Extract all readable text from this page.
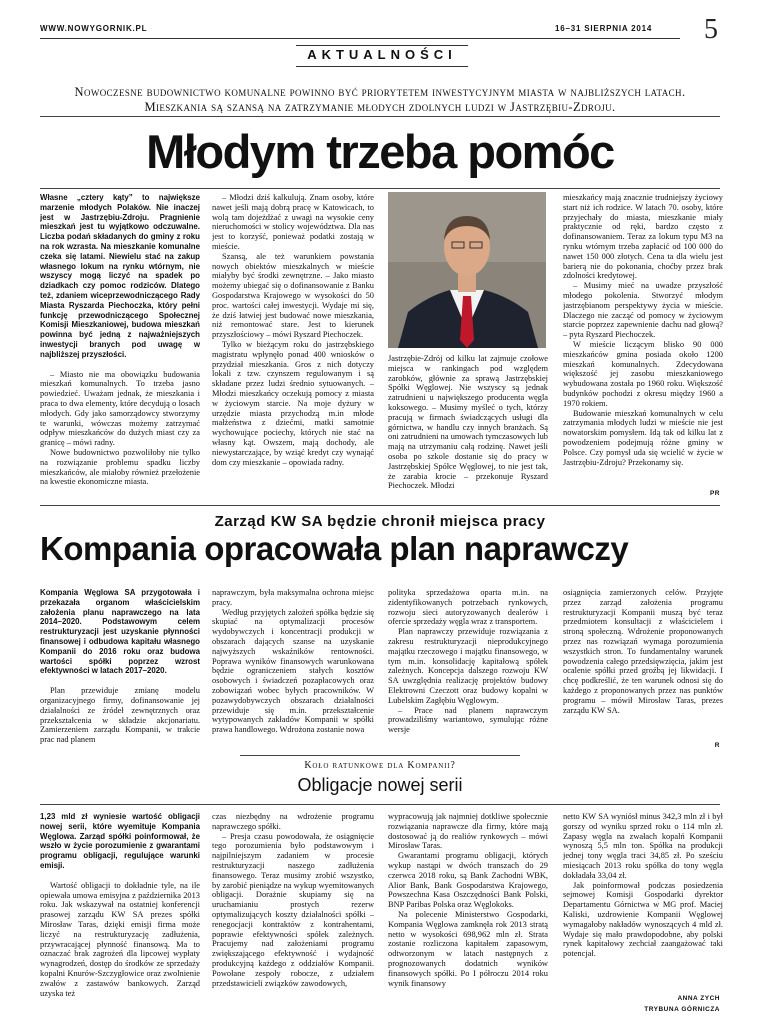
WWW.NOWYGORNIK.PL	16–31 SIERPNIA 2014 5
AKTUALNOŚCI
Nowoczesne budownictwo komunalne powinno być priorytetem inwestycyjnym miasta w najbliższych latach.
Mieszkania są szansą na zatrzymanie młodych zdolnych ludzi w Jastrzębiu-Zdroju.
Młodym trzeba pomóc

Własne „cztery kąty” to największe marzenie młodych Polaków. Nie inaczej jest w Jastrzębiu-Zdroju. Pragnienie mieszkań jest tu wyjątkowo odczuwalne. Liczba podań składanych do gminy z roku na rok wzrasta. Na mieszkanie komunalne czeka się latami. Niewielu stać na zakup własnego lokum na rynku wtórnym, nie wszyscy mogą liczyć na spadek po dziadkach czy pomoc rodziców. Dlatego też, zdaniem wiceprzewodniczącego Rady Miasta Ryszarda Piechoczka, który pełni funkcję przewodniczącego Społecznej Komisji Mieszkaniowej, budowa mieszkań powinna być jedną z najważniejszych inwestycji branych pod uwagę w najbliższej przyszłości.

– Miasto nie ma obowiązku budowania mieszkań komunalnych. To trzeba jasno powiedzieć. Uważam jednak, że mieszkania i praca to dwa elementy, które decydują o losach młodych. Gdy jako samorządowcy stworzymy te warunki, wówczas możemy zatrzymać odpływ mieszkańców do dużych miast czy za granicę – mówi radny.

Nowe budownictwo pozwoliłoby nie tylko na rozwiązanie problemu spadku liczby mieszkańców, ale miałoby również przełożenie na kwestie ekonomiczne miasta.

– Młodzi dziś kalkulują. Znam osoby, które nawet jeśli mają dobrą pracę w Katowicach, to wolą tam dojeżdżać z uwagi na wysokie ceny nieruchomości w stolicy województwa. Dla nas jest to korzyść, ponieważ podatki zostają w mieście.

Szansą, ale też warunkiem powstania nowych obiektów mieszkalnych w mieście miałyby być środki zewnętrzne. – Jako miasto możemy ubiegać się o dofinansowanie z Banku Gospodarstwa Krajowego w wysokości do 50 proc. wartości całej inwestycji. Wydaje mi się, że dziś łatwiej jest budować nowe mieszkania, niż remontować stare. Jest to kierunek przyszłościowy – mówi Ryszard Piechoczek.

Tylko w bieżącym roku do jastrzębskiego magistratu wpłynęło ponad 400 wniosków o przydział mieszkania. Gros z nich dotyczy lokali z tzw. czynszem regulowanym i są składane przez ludzi średnio sytuowanych. – Młodzi mieszkańcy oczekują pomocy z miasta w życiowym starcie. Na moje dyżury w urzędzie miasta przychodzą m.in młode małżeństwa z dziećmi, matki samotnie wychowujące pociechy, których nie stać na własny kąt. Owszem, mają dochody, ale niewystarczające, by wziąć kredyt czy wynająć dom czy mieszkanie – opowiada radny.

Jastrzębie-Zdrój od kilku lat zajmuje czołowe miejsca w rankingach pod względem zarobków, głównie za sprawą Jastrzębskiej Spółki Węglowej. Nie wszyscy są jednak zatrudnieni u największego producenta węgla koksowego. – Musimy myśleć o tych, którzy pracują w firmach świadczących usługi dla górnictwa, w handlu czy innych branżach. Są oni zatrudnieni na umowach tymczasowych lub mają na utrzymaniu całą rodzinę. Nawet jeśli osoba po szkole dostanie się do pracy w Jastrzębskiej Spółce Węglowej, to nie jest tak, że zarabia krocie – przekonuje Ryszard Piechoczek. Młodzi

mieszkańcy mają znacznie trudniejszy życiowy start niż ich rodzice. W latach 70. osoby, które przyjechały do miasta, mieszkanie miały praktycznie od ręki, bardzo często z dofinansowaniem. Teraz za lokum typu M3 na rynku wtórnym trzeba zapłacić od 100 000 do nawet 150 000 złotych. Cena ta dla wielu jest barierą nie do pokonania, choćby przez brak zdolności kredytowej.

– Musimy mieć na uwadze przyszłość młodego pokolenia. Stworzyć młodym jastrzębianom perspektywy życia w mieście. Dlaczego nie zacząć od pomocy w życiowym starcie poprzez zapewnienie dachu nad głową? – pyta Ryszard Piechoczek.

W mieście liczącym blisko 90 000 mieszkańców gmina posiada około 1200 mieszkań komunalnych. Zdecydowana większość jej zasobu mieszkaniowego wybudowana została po 1960 roku. Większość budynków pochodzi z okresu między 1960 a 1970 rokiem.

Budowanie mieszkań komunalnych w celu zatrzymania młodych ludzi w mieście nie jest nowatorskim pomysłem. Idą tak od kilku lat z powodzeniem podejmują różne gminy w Polsce. Czy pomysł uda się wcielić w życie w Jastrzębiu-Zdroju? Przekonamy się.

PR
Zarząd KW SA będzie chronił miejsca pracy
Kompania opracowała plan naprawczy

Kompania Węglowa SA przygotowała i przekazała organom właścicielskim założenia planu naprawczego na lata 2014–2020. Podstawowym celem restrukturyzacji jest uzyskanie płynności finansowej i odbudowa kapitału własnego Kompanii do 2016 roku oraz budowa wartości spółki poprzez wzrost efektywności w latach 2017–2020.

Plan przewiduje zmianę modelu organizacyjnego firmy, dofinansowanie jej działalności ze źródeł zewnętrznych oraz przekształcenia w składzie akcjonariatu. Zamierzeniem zarządu Kompanii, w trakcie prac nad planem

naprawczym, była maksymalna ochrona miejsc pracy.

Według przyjętych założeń spółka będzie się skupiać na optymalizacji procesów wydobywczych i koncentracji produkcji w obszarach dających szanse na uzyskanie najwyższych wskaźników rentowności. Poprawa wyników finansowych warunkowana będzie ograniczeniem stałych kosztów osobowych i świadczeń pozapłacowych oraz zobowiązań wobec byłych pracowników. W pozawydobywczych obszarach działalności przewiduje się m.in. przekształcenie wytypowanych zakładów Kompanii w spółki prawa handlowego. Wdrożona zostanie nowa

polityka sprzedażowa oparta m.in. na zidentyfikowanych potrzebach rynkowych, rozwoju sieci autoryzowanych dealerów i ofercie sprzedaży węgla wraz z transportem.

Plan naprawczy przewiduje rozwiązania z zakresu restrukturyzacji nieprodukcyjnego majątku rzeczowego i majątku finansowego, w tym m.in. konsolidację kapitałową spółek zależnych. Koncepcja dalszego rozwoju KW SA uwzględnia realizację projektów budowy Elektrowni Czeczott oraz budowy kopalni w Lubelskim Zagłębiu Węglowym.

– Prace nad planem naprawczym prowadziliśmy wariantowo, symulując różne wersje

osiągnięcia zamierzonych celów. Przyjęte przez zarząd założenia programu restrukturyzacji Kompanii muszą być teraz przedmiotem konsultacji z właścicielem i stroną społeczną. Wdrożenie proponowanych przez nas rozwiązań wymaga porozumienia wszystkich stron. To fundamentalny warunek powodzenia całego przedsięwzięcia, jakim jest ocalenie spółki przed groźbą jej likwidacji. I chcę podkreślić, że ten warunek odnosi się do każdego z proponowanych przez nas punktów programu – mówił Mirosław Taras, prezes zarządu KW SA.

R
Koło ratunkowe dla Kompanii?
Obligacje nowej serii

1,23 mld zł wyniesie wartość obligacji nowej serii, które wyemituje Kompania Węglowa. Zarząd spółki poinformował, że wszło w życie porozumienie z gwarantami programu obligacji, regulujące warunki emisji.

Wartość obligacji to dokładnie tyle, na ile opiewała umowa emisyjna z października 2013 roku. Jak wskazywał na ostatniej konferencji prasowej zarządu KW SA prezes spółki Mirosław Taras, dzięki emisji firma może liczyć na restrukturyzację zadłużenia, przywracającej płynność finansową. Ma to oznaczać brak zagrożeń dla lipcowej wypłaty wynagrodzeń, dostęp do środków ze sprzedaży kopalni Knurów-Szczygłowice oraz zwolnienie zwałów z zastawów bankowych. Zarząd uzyska też

czas niezbędny na wdrożenie programu naprawczego spółki.

– Presja czasu powodowała, że osiągnięcie tego porozumienia było podstawowym i najpilniejszym zadaniem w procesie restrukturyzacji naszego zadłużenia finansowego. Teraz musimy zrobić wszystko, by zarobić pieniądze na wykup wyemitowanych obligacji. Dorażnie skupiamy się na uruchamianiu prostych rezerw optymalizujących koszty działalności spółki – renegocjacji kontraktów z kontrahentami, poprawie efektywności spółek zależnych. Pracujemy nad założeniami programu zwiększającego efektywność i wydajność produkcyjną każdego z oddziałów Kompanii. Powołane zespoły robocze, z udziałem przedstawicieli związków zawodowych,

wypracowują jak najmniej dotkliwe społecznie rozwiązania naprawcze dla firmy, które mają dostosować ją do realiów rynkowych – mówi Mirosław Taras.

Gwarantami programu obligacji, których wykup nastąpi w dwóch transzach do 29 czerwca 2018 roku, są Bank Zachodni WBK, Alior Bank, Bank Gospodarstwa Krajowego, Powszechna Kasa Oszczędności Bank Polski, BNP Paribas Polska oraz Węglokoks.

Na polecenie Ministerstwo Gospodarki, Kompania Węglowa zamknęła rok 2013 stratą netto w wysokości 698,962 mln zł. Strata zostanie rozliczona kapitałem zapasowym, odtworzonym w latach następnych z prognozowanych dodatnich wyników finansowych spółki. Po I półroczu 2014 roku wynik finansowy

netto KW SA wyniósł minus 342,3 mln zł i był gorszy od wyniku sprzed roku o 114 mln zł. Zapasy węgla na zwałach kopalń Kompanii wynoszą 5,5 mln ton. Spółka na produkcji jednej tony węgla traci 34,85 zł. Po sześciu miesiącach 2013 roku spółka do tony węgla dokładała 33,04 zł.

Jak poinformował podczas posiedzenia sejmowej Komisji Gospodarki dyrektor Departamentu Górnictwa w MG prof. Maciej Kaliski, uzdrowienie Kompanii Węglowej wymagałoby nakładów wynoszących 4 mld zł. Wydaje się mało prawdopodobne, aby polski rynek kapitałowy zechciał zaangażować taki potencjał.

ANNA ZYCH
TRYBUNA GÓRNICZA
